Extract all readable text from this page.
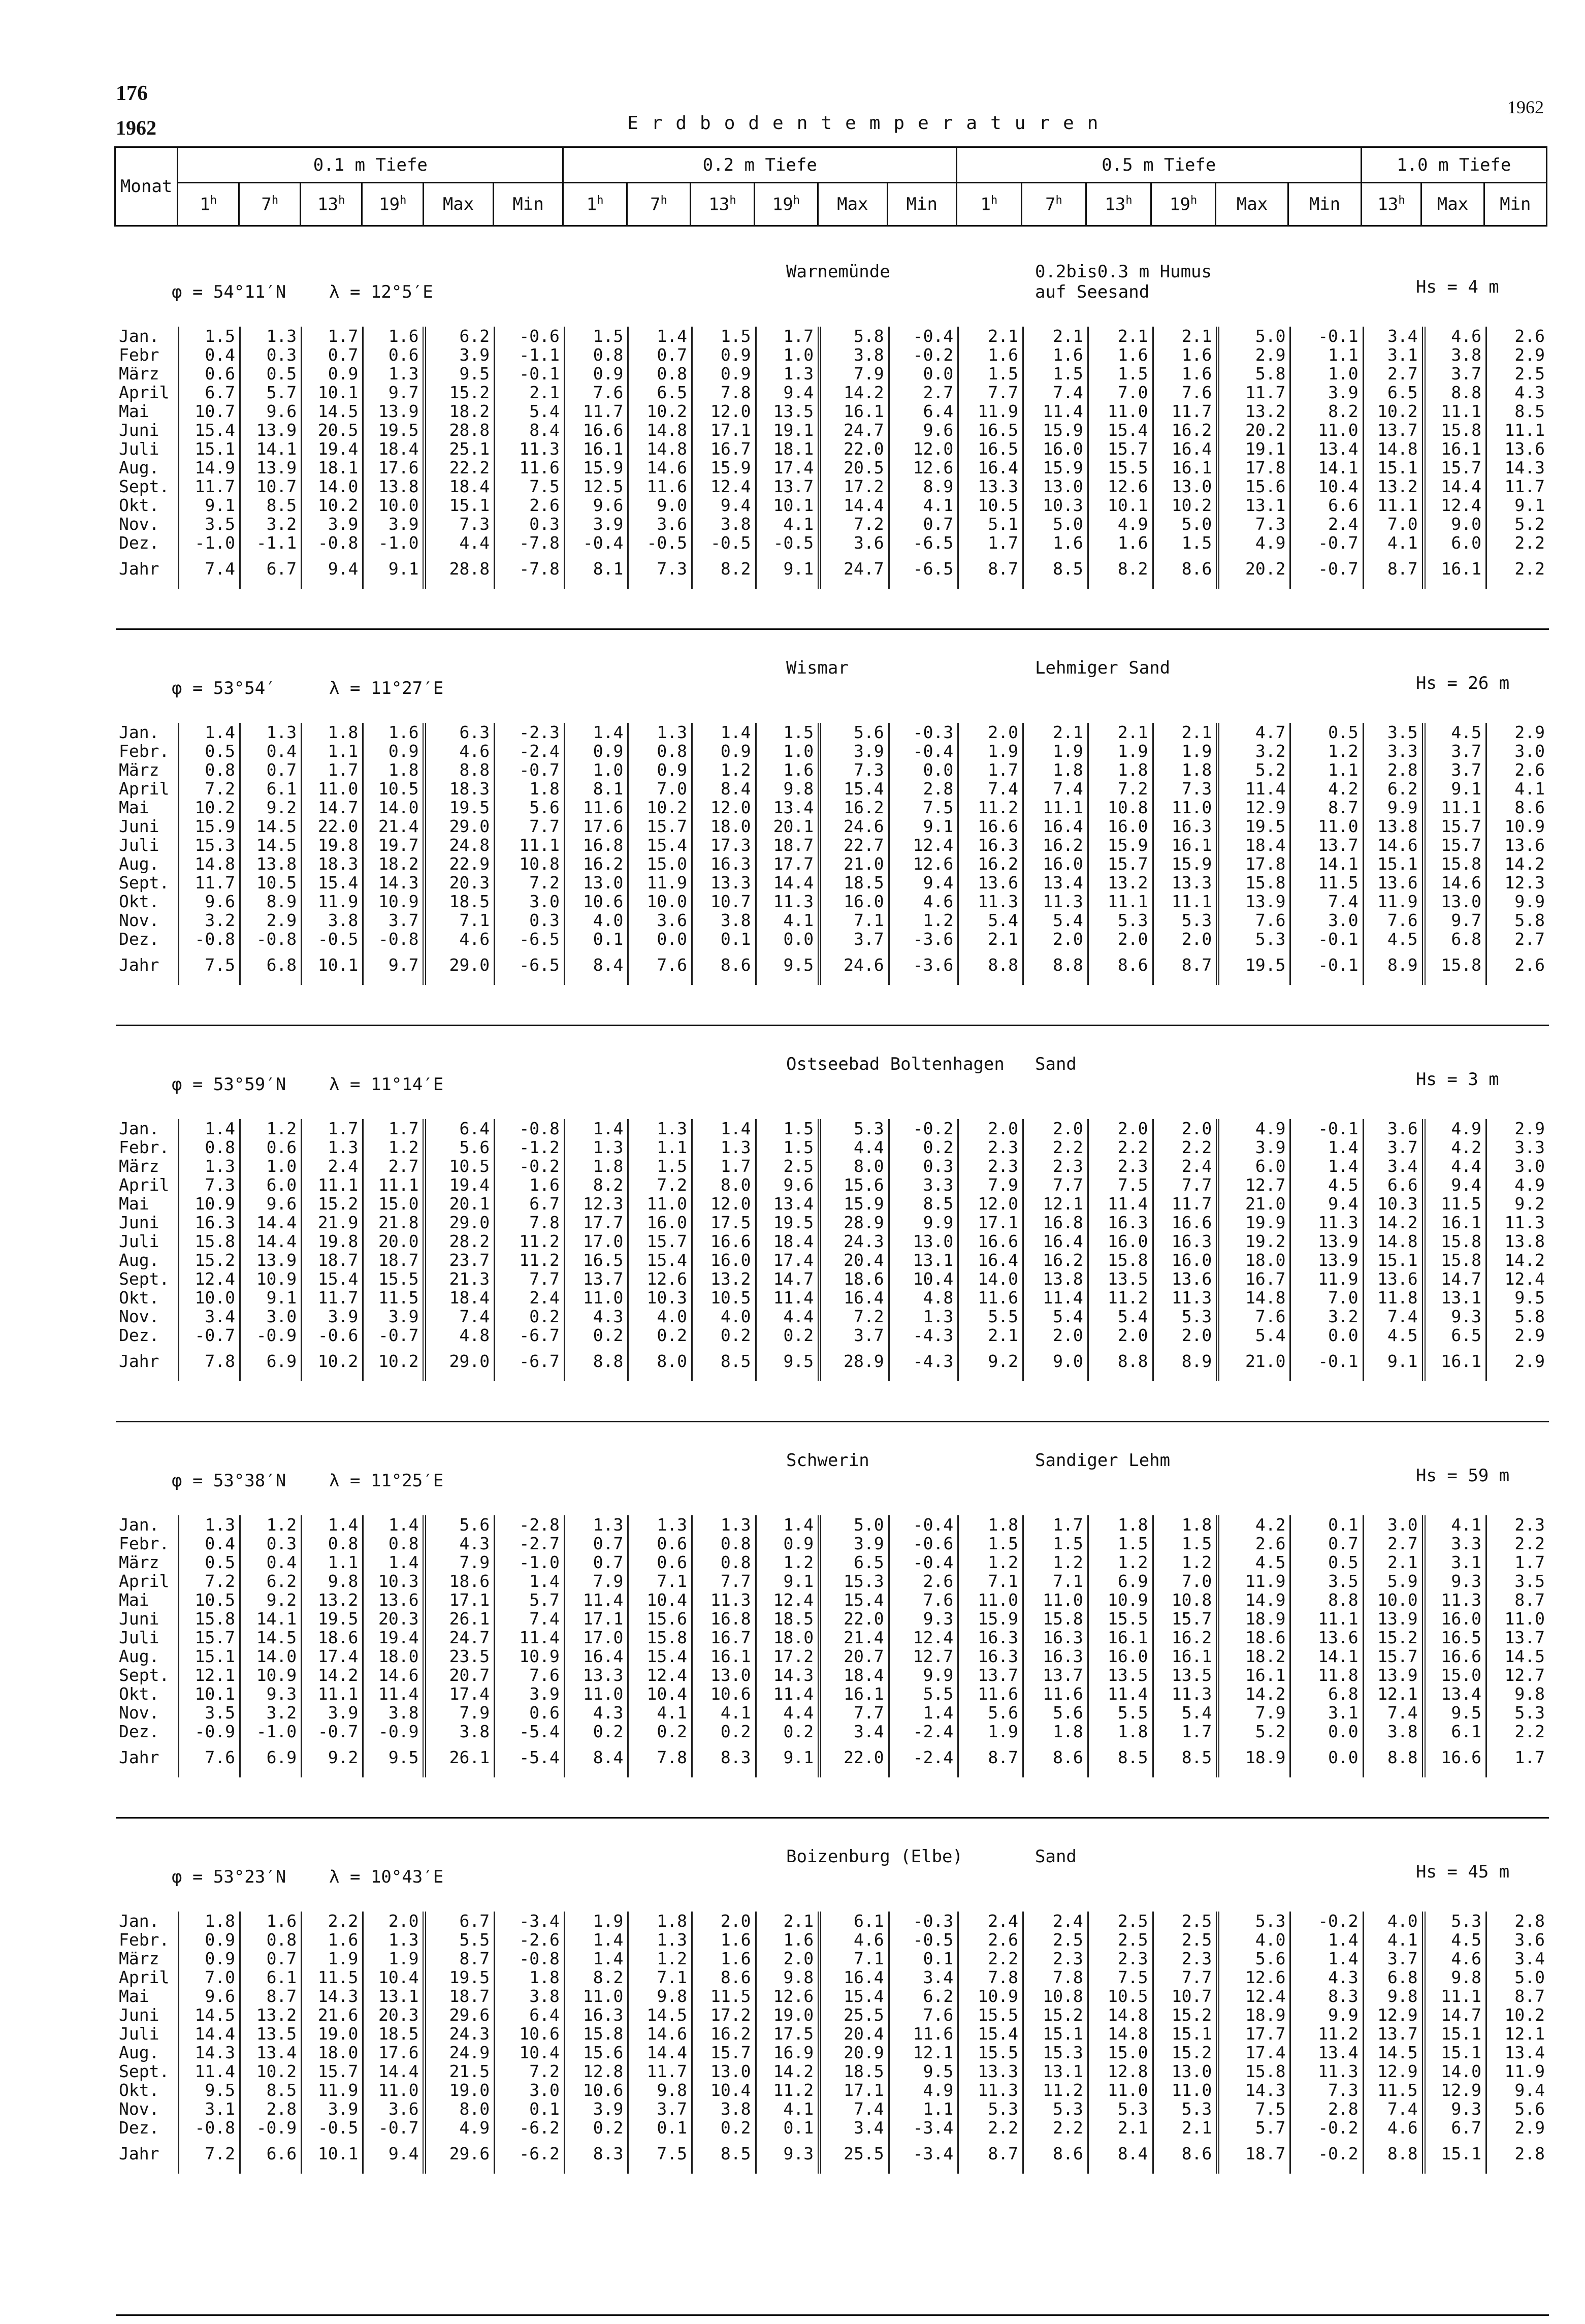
176
1962
1962
Erdbodentemperaturen
Monat	0.1 m Tiefe						0.2 m Tiefe						0.5 m Tiefe						1.0 m Tiefe		
	1$^h$	7$^h$	13$^h$	19$^h$	Max	Min	1$^h$	7$^h$	13$^h$	19$^h$	Max	Min	1$^h$	7$^h$	13$^h$	19$^h$	Max	Min	13$^h$	Max	Min
Warnemünde	0.2bis0.3 m Humus
auf Seesand
φ = 54°11′N λ = 12°5′E	Hs = 4 m
Jan.	1.5	1.3	1.7	1.6	6.2	-0.6	1.5	1.4	1.5	1.7	5.8	-0.4	2.1	2.1	2.1	2.1	5.0	-0.1	3.4	4.6	2.6
Febr	0.4	0.3	0.7	0.6	3.9	-1.1	0.8	0.7	0.9	1.0	3.8	-0.2	1.6	1.6	1.6	1.6	2.9	1.1	3.1	3.8	2.9
März	0.6	0.5	0.9	1.3	9.5	-0.1	0.9	0.8	0.9	1.3	7.9	0.0	1.5	1.5	1.5	1.6	5.8	1.0	2.7	3.7	2.5
April	6.7	5.7	10.1	9.7	15.2	2.1	7.6	6.5	7.8	9.4	14.2	2.7	7.7	7.4	7.0	7.6	11.7	3.9	6.5	8.8	4.3
Mai	10.7	9.6	14.5	13.9	18.2	5.4	11.7	10.2	12.0	13.5	16.1	6.4	11.9	11.4	11.0	11.7	13.2	8.2	10.2	11.1	8.5
Juni	15.4	13.9	20.5	19.5	28.8	8.4	16.6	14.8	17.1	19.1	24.7	9.6	16.5	15.9	15.4	16.2	20.2	11.0	13.7	15.8	11.1
Juli	15.1	14.1	19.4	18.4	25.1	11.3	16.1	14.8	16.7	18.1	22.0	12.0	16.5	16.0	15.7	16.4	19.1	13.4	14.8	16.1	13.6
Aug.	14.9	13.9	18.1	17.6	22.2	11.6	15.9	14.6	15.9	17.4	20.5	12.6	16.4	15.9	15.5	16.1	17.8	14.1	15.1	15.7	14.3
Sept.	11.7	10.7	14.0	13.8	18.4	7.5	12.5	11.6	12.4	13.7	17.2	8.9	13.3	13.0	12.6	13.0	15.6	10.4	13.2	14.4	11.7
Okt.	9.1	8.5	10.2	10.0	15.1	2.6	9.6	9.0	9.4	10.1	14.4	4.1	10.5	10.3	10.1	10.2	13.1	6.6	11.1	12.4	9.1
Nov.	3.5	3.2	3.9	3.9	7.3	0.3	3.9	3.6	3.8	4.1	7.2	0.7	5.1	5.0	4.9	5.0	7.3	2.4	7.0	9.0	5.2
Dez.	-1.0	-1.1	-0.8	-1.0	4.4	-7.8	-0.4	-0.5	-0.5	-0.5	3.6	-6.5	1.7	1.6	1.6	1.5	4.9	-0.7	4.1	6.0	2.2
Jahr	7.4	6.7	9.4	9.1	28.8	-7.8	8.1	7.3	8.2	9.1	24.7	-6.5	8.7	8.5	8.2	8.6	20.2	-0.7	8.7	16.1	2.2
Wismar	Lehmiger Sand
φ = 53°54′	λ = 11°27′E	Hs = 26 m
Jan.	1.4	1.3	1.8	1.6	6.3	-2.3	1.4	1.3	1.4	1.5	5.6	-0.3	2.0	2.1	2.1	2.1	4.7	0.5	3.5	4.5	2.9
Febr.	0.5	0.4	1.1	0.9	4.6	-2.4	0.9	0.8	0.9	1.0	3.9	-0.4	1.9	1.9	1.9	1.9	3.2	1.2	3.3	3.7	3.0
März	0.8	0.7	1.7	1.8	8.8	-0.7	1.0	0.9	1.2	1.6	7.3	0.0	1.7	1.8	1.8	1.8	5.2	1.1	2.8	3.7	2.6
April	7.2	6.1	11.0	10.5	18.3	1.8	8.1	7.0	8.4	9.8	15.4	2.8	7.4	7.4	7.2	7.3	11.4	4.2	6.2	9.1	4.1
Mai	10.2	9.2	14.7	14.0	19.5	5.6	11.6	10.2	12.0	13.4	16.2	7.5	11.2	11.1	10.8	11.0	12.9	8.7	9.9	11.1	8.6
Juni	15.9	14.5	22.0	21.4	29.0	7.7	17.6	15.7	18.0	20.1	24.6	9.1	16.6	16.4	16.0	16.3	19.5	11.0	13.8	15.7	10.9
Juli	15.3	14.5	19.8	19.7	24.8	11.1	16.8	15.4	17.3	18.7	22.7	12.4	16.3	16.2	15.9	16.1	18.4	13.7	14.6	15.7	13.6
Aug.	14.8	13.8	18.3	18.2	22.9	10.8	16.2	15.0	16.3	17.7	21.0	12.6	16.2	16.0	15.7	15.9	17.8	14.1	15.1	15.8	14.2
Sept.	11.7	10.5	15.4	14.3	20.3	7.2	13.0	11.9	13.3	14.4	18.5	9.4	13.6	13.4	13.2	13.3	15.8	11.5	13.6	14.6	12.3
Okt.	9.6	8.9	11.9	10.9	18.5	3.0	10.6	10.0	10.7	11.3	16.0	4.6	11.3	11.3	11.1	11.1	13.9	7.4	11.9	13.0	9.9
Nov.	3.2	2.9	3.8	3.7	7.1	0.3	4.0	3.6	3.8	4.1	7.1	1.2	5.4	5.4	5.3	5.3	7.6	3.0	7.6	9.7	5.8
Dez.	-0.8	-0.8	-0.5	-0.8	4.6	-6.5	0.1	0.0	0.1	0.0	3.7	-3.6	2.1	2.0	2.0	2.0	5.3	-0.1	4.5	6.8	2.7
Jahr	7.5	6.8	10.1	9.7	29.0	-6.5	8.4	7.6	8.6	9.5	24.6	-3.6	8.8	8.8	8.6	8.7	19.5	-0.1	8.9	15.8	2.6
Ostseebad Boltenhagen Sand
φ = 53°59′N λ = 11°14′E	Hs = 3 m
Jan.	1.4	1.2	1.7	1.7	6.4	-0.8	1.4	1.3	1.4	1.5	5.3	-0.2	2.0	2.0	2.0	2.0	4.9	-0.1	3.6	4.9	2.9
Febr.	0.8	0.6	1.3	1.2	5.6	-1.2	1.3	1.1	1.3	1.5	4.4	0.2	2.3	2.2	2.2	2.2	3.9	1.4	3.7	4.2	3.3
März	1.3	1.0	2.4	2.7	10.5	-0.2	1.8	1.5	1.7	2.5	8.0	0.3	2.3	2.3	2.3	2.4	6.0	1.4	3.4	4.4	3.0
April	7.3	6.0	11.1	11.1	19.4	1.6	8.2	7.2	8.0	9.6	15.6	3.3	7.9	7.7	7.5	7.7	12.7	4.5	6.6	9.4	4.9
Mai	10.9	9.6	15.2	15.0	20.1	6.7	12.3	11.0	12.0	13.4	15.9	8.5	12.0	12.1	11.4	11.7	21.0	9.4	10.3	11.5	9.2
Juni	16.3	14.4	21.9	21.8	29.0	7.8	17.7	16.0	17.5	19.5	28.9	9.9	17.1	16.8	16.3	16.6	19.9	11.3	14.2	16.1	11.3
Juli	15.8	14.4	19.8	20.0	28.2	11.2	17.0	15.7	16.6	18.4	24.3	13.0	16.6	16.4	16.0	16.3	19.2	13.9	14.8	15.8	13.8
Aug.	15.2	13.9	18.7	18.7	23.7	11.2	16.5	15.4	16.0	17.4	20.4	13.1	16.4	16.2	15.8	16.0	18.0	13.9	15.1	15.8	14.2
Sept.	12.4	10.9	15.4	15.5	21.3	7.7	13.7	12.6	13.2	14.7	18.6	10.4	14.0	13.8	13.5	13.6	16.7	11.9	13.6	14.7	12.4
Okt.	10.0	9.1	11.7	11.5	18.4	2.4	11.0	10.3	10.5	11.4	16.4	4.8	11.6	11.4	11.2	11.3	14.8	7.0	11.8	13.1	9.5
Nov.	3.4	3.0	3.9	3.9	7.4	0.2	4.3	4.0	4.0	4.4	7.2	1.3	5.5	5.4	5.4	5.3	7.6	3.2	7.4	9.3	5.8
Dez.	-0.7	-0.9	-0.6	-0.7	4.8	-6.7	0.2	0.2	0.2	0.2	3.7	-4.3	2.1	2.0	2.0	2.0	5.4	0.0	4.5	6.5	2.9
Jahr	7.8	6.9	10.2	10.2	29.0	-6.7	8.8	8.0	8.5	9.5	28.9	-4.3	9.2	9.0	8.8	8.9	21.0	-0.1	9.1	16.1	2.9
Schwerin	Sandiger Lehm
φ = 53°38′N λ = 11°25′E	Hs = 59 m
Jan.	1.3	1.2	1.4	1.4	5.6	-2.8	1.3	1.3	1.3	1.4	5.0	-0.4	1.8	1.7	1.8	1.8	4.2	0.1	3.0	4.1	2.3
Febr.	0.4	0.3	0.8	0.8	4.3	-2.7	0.7	0.6	0.8	0.9	3.9	-0.6	1.5	1.5	1.5	1.5	2.6	0.7	2.7	3.3	2.2
März	0.5	0.4	1.1	1.4	7.9	-1.0	0.7	0.6	0.8	1.2	6.5	-0.4	1.2	1.2	1.2	1.2	4.5	0.5	2.1	3.1	1.7
April	7.2	6.2	9.8	10.3	18.6	1.4	7.9	7.1	7.7	9.1	15.3	2.6	7.1	7.1	6.9	7.0	11.9	3.5	5.9	9.3	3.5
Mai	10.5	9.2	13.2	13.6	17.1	5.7	11.4	10.4	11.3	12.4	15.4	7.6	11.0	11.0	10.9	10.8	14.9	8.8	10.0	11.3	8.7
Juni	15.8	14.1	19.5	20.3	26.1	7.4	17.1	15.6	16.8	18.5	22.0	9.3	15.9	15.8	15.5	15.7	18.9	11.1	13.9	16.0	11.0
Juli	15.7	14.5	18.6	19.4	24.7	11.4	17.0	15.8	16.7	18.0	21.4	12.4	16.3	16.3	16.1	16.2	18.6	13.6	15.2	16.5	13.7
Aug.	15.1	14.0	17.4	18.0	23.5	10.9	16.4	15.4	16.1	17.2	20.7	12.7	16.3	16.3	16.0	16.1	18.2	14.1	15.7	16.6	14.5
Sept.	12.1	10.9	14.2	14.6	20.7	7.6	13.3	12.4	13.0	14.3	18.4	9.9	13.7	13.7	13.5	13.5	16.1	11.8	13.9	15.0	12.7
Okt.	10.1	9.3	11.1	11.4	17.4	3.9	11.0	10.4	10.6	11.4	16.1	5.5	11.6	11.6	11.4	11.3	14.2	6.8	12.1	13.4	9.8
Nov.	3.5	3.2	3.9	3.8	7.9	0.6	4.3	4.1	4.1	4.4	7.7	1.4	5.6	5.6	5.5	5.4	7.9	3.1	7.4	9.5	5.3
Dez.	-0.9	-1.0	-0.7	-0.9	3.8	-5.4	0.2	0.2	0.2	0.2	3.4	-2.4	1.9	1.8	1.8	1.7	5.2	0.0	3.8	6.1	2.2
Jahr	7.6	6.9	9.2	9.5	26.1	-5.4	8.4	7.8	8.3	9.1	22.0	-2.4	8.7	8.6	8.5	8.5	18.9	0.0	8.8	16.6	1.7
Boizenburg (Elbe)	Sand
φ = 53°23′N λ = 10°43′E	Hs = 45 m
Jan.	1.8	1.6	2.2	2.0	6.7	-3.4	1.9	1.8	2.0	2.1	6.1	-0.3	2.4	2.4	2.5	2.5	5.3	-0.2	4.0	5.3	2.8
Febr.	0.9	0.8	1.6	1.3	5.5	-2.6	1.4	1.3	1.6	1.6	4.6	-0.5	2.6	2.5	2.5	2.5	4.0	1.4	4.1	4.5	3.6
März	0.9	0.7	1.9	1.9	8.7	-0.8	1.4	1.2	1.6	2.0	7.1	0.1	2.2	2.3	2.3	2.3	5.6	1.4	3.7	4.6	3.4
April	7.0	6.1	11.5	10.4	19.5	1.8	8.2	7.1	8.6	9.8	16.4	3.4	7.8	7.8	7.5	7.7	12.6	4.3	6.8	9.8	5.0
Mai	9.6	8.7	14.3	13.1	18.7	3.8	11.0	9.8	11.5	12.6	15.4	6.2	10.9	10.8	10.5	10.7	12.4	8.3	9.8	11.1	8.7
Juni	14.5	13.2	21.6	20.3	29.6	6.4	16.3	14.5	17.2	19.0	25.5	7.6	15.5	15.2	14.8	15.2	18.9	9.9	12.9	14.7	10.2
Juli	14.4	13.5	19.0	18.5	24.3	10.6	15.8	14.6	16.2	17.5	20.4	11.6	15.4	15.1	14.8	15.1	17.7	11.2	13.7	15.1	12.1
Aug.	14.3	13.4	18.0	17.6	24.9	10.4	15.6	14.4	15.7	16.9	20.9	12.1	15.5	15.3	15.0	15.2	17.4	13.4	14.5	15.1	13.4
Sept.	11.4	10.2	15.7	14.4	21.5	7.2	12.8	11.7	13.0	14.2	18.5	9.5	13.3	13.1	12.8	13.0	15.8	11.3	12.9	14.0	11.9
Okt.	9.5	8.5	11.9	11.0	19.0	3.0	10.6	9.8	10.4	11.2	17.1	4.9	11.3	11.2	11.0	11.0	14.3	7.3	11.5	12.9	9.4
Nov.	3.1	2.8	3.9	3.6	8.0	0.1	3.9	3.7	3.8	4.1	7.4	1.1	5.3	5.3	5.3	5.3	7.5	2.8	7.4	9.3	5.6
Dez.	-0.8	-0.9	-0.5	-0.7	4.9	-6.2	0.2	0.1	0.2	0.1	3.4	-3.4	2.2	2.2	2.1	2.1	5.7	-0.2	4.6	6.7	2.9
Jahr	7.2	6.6	10.1	9.4	29.6	-6.2	8.3	7.5	8.5	9.3	25.5	-3.4	8.7	8.6	8.4	8.6	18.7	-0.2	8.8	15.1	2.8
